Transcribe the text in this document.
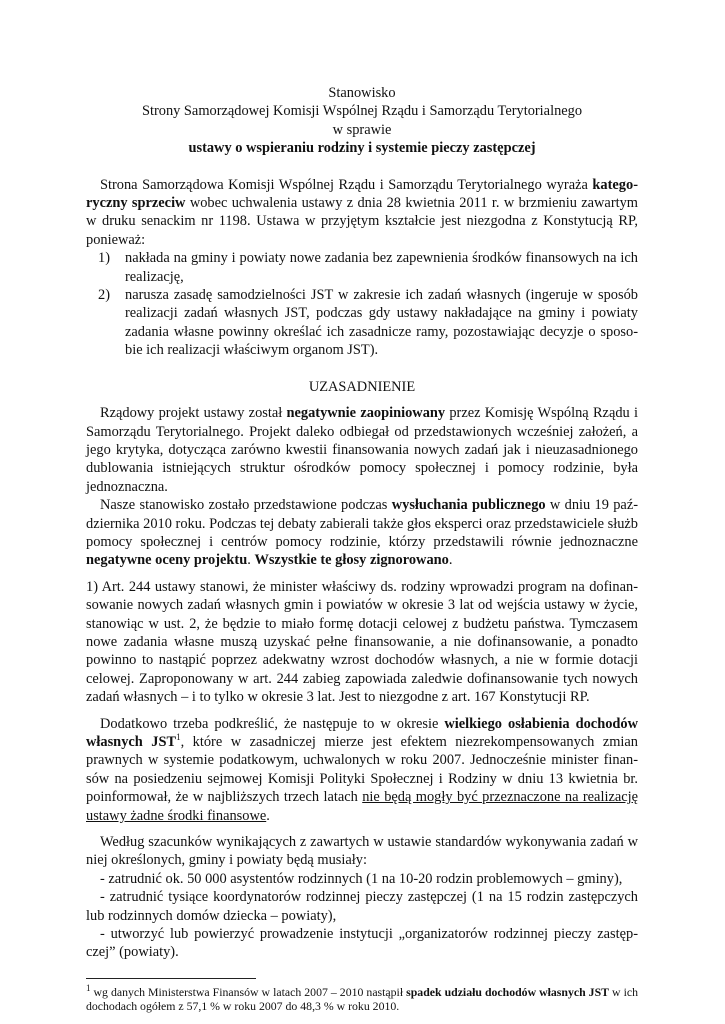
Stanowisko
Strony Samorządowej Komisji Wspólnej Rządu i Samorządu Terytorialnego
w sprawie
ustawy o wspieraniu rodziny i systemie pieczy zastępczej

Strona Samorządowa Komisji Wspólnej Rządu i Samorządu Terytorialnego wyraża kategoryczny sprzeciw wobec uchwalenia ustawy z dnia 28 kwietnia 2011 r. w brzmieniu zawartym w druku senackim nr 1198. Ustawa w przyjętym kształcie jest niezgodna z Konstytucją RP, ponieważ:

1) nakłada na gminy i powiaty nowe zadania bez zapewnienia środków finansowych na ich realizację,
2) narusza zasadę samodzielności JST w zakresie ich zadań własnych (ingeruje w sposób realizacji zadań własnych JST, podczas gdy ustawy nakładające na gminy i powiaty zadania własne powinny określać ich zasadnicze ramy, pozostawiając decyzje o sposobie ich realizacji właściwym organom JST).
UZASADNIENIE

Rządowy projekt ustawy został negatywnie zaopiniowany przez Komisję Wspólną Rządu i Samorządu Terytorialnego. Projekt daleko odbiegał od przedstawionych wcześniej założeń, a jego krytyka, dotycząca zarówno kwestii finansowania nowych zadań jak i nieuzasadnionego dublowania istniejących struktur ośrodków pomocy społecznej i pomocy rodzinie, była jednoznaczna.

Nasze stanowisko zostało przedstawione podczas wysłuchania publicznego w dniu 19 października 2010 roku. Podczas tej debaty zabierali także głos eksperci oraz przedstawiciele służb pomocy społecznej i centrów pomocy rodzinie, którzy przedstawili równie jednoznaczne negatywne oceny projektu. Wszystkie te głosy zignorowano.

1) Art. 244 ustawy stanowi, że minister właściwy ds. rodziny wprowadzi program na dofinansowanie nowych zadań własnych gmin i powiatów w okresie 3 lat od wejścia ustawy w życie, stanowiąc w ust. 2, że będzie to miało formę dotacji celowej z budżetu państwa. Tymczasem nowe zadania własne muszą uzyskać pełne finansowanie, a nie dofinansowanie, a ponadto powinno to nastąpić poprzez adekwatny wzrost dochodów własnych, a nie w formie dotacji celowej. Zaproponowany w art. 244 zabieg zapowiada zaledwie dofinansowanie tych nowych zadań własnych – i to tylko w okresie 3 lat. Jest to niezgodne z art. 167 Konstytucji RP.

Dodatkowo trzeba podkreślić, że następuje to w okresie wielkiego osłabienia dochodów własnych JST$^1$, które w zasadniczej mierze jest efektem niezrekompensowanych zmian prawnych w systemie podatkowym, uchwalonych w roku 2007. Jednocześnie minister finansów na posiedzeniu sejmowej Komisji Polityki Społecznej i Rodziny w dniu 13 kwietnia br. poinformował, że w najbliższych trzech latach nie będą mogły być przeznaczone na realizację ustawy żadne środki finansowe.

Według szacunków wynikających z zawartych w ustawie standardów wykonywania zadań w niej określonych, gminy i powiaty będą musiały:

- zatrudnić ok. 50 000 asystentów rodzinnych (1 na 10-20 rodzin problemowych – gminy),

- zatrudnić tysiące koordynatorów rodzinnej pieczy zastępczej (1 na 15 rodzin zastępczych lub rodzinnych domów dziecka – powiaty),

- utworzyć lub powierzyć prowadzenie instytucji „organizatorów rodzinnej pieczy zastępczej” (powiaty).

$^1$ wg danych Ministerstwa Finansów w latach 2007 – 2010 nastąpił spadek udziału dochodów własnych JST w ich dochodach ogółem z 57,1 % w roku 2007 do 48,3 % w roku 2010.
